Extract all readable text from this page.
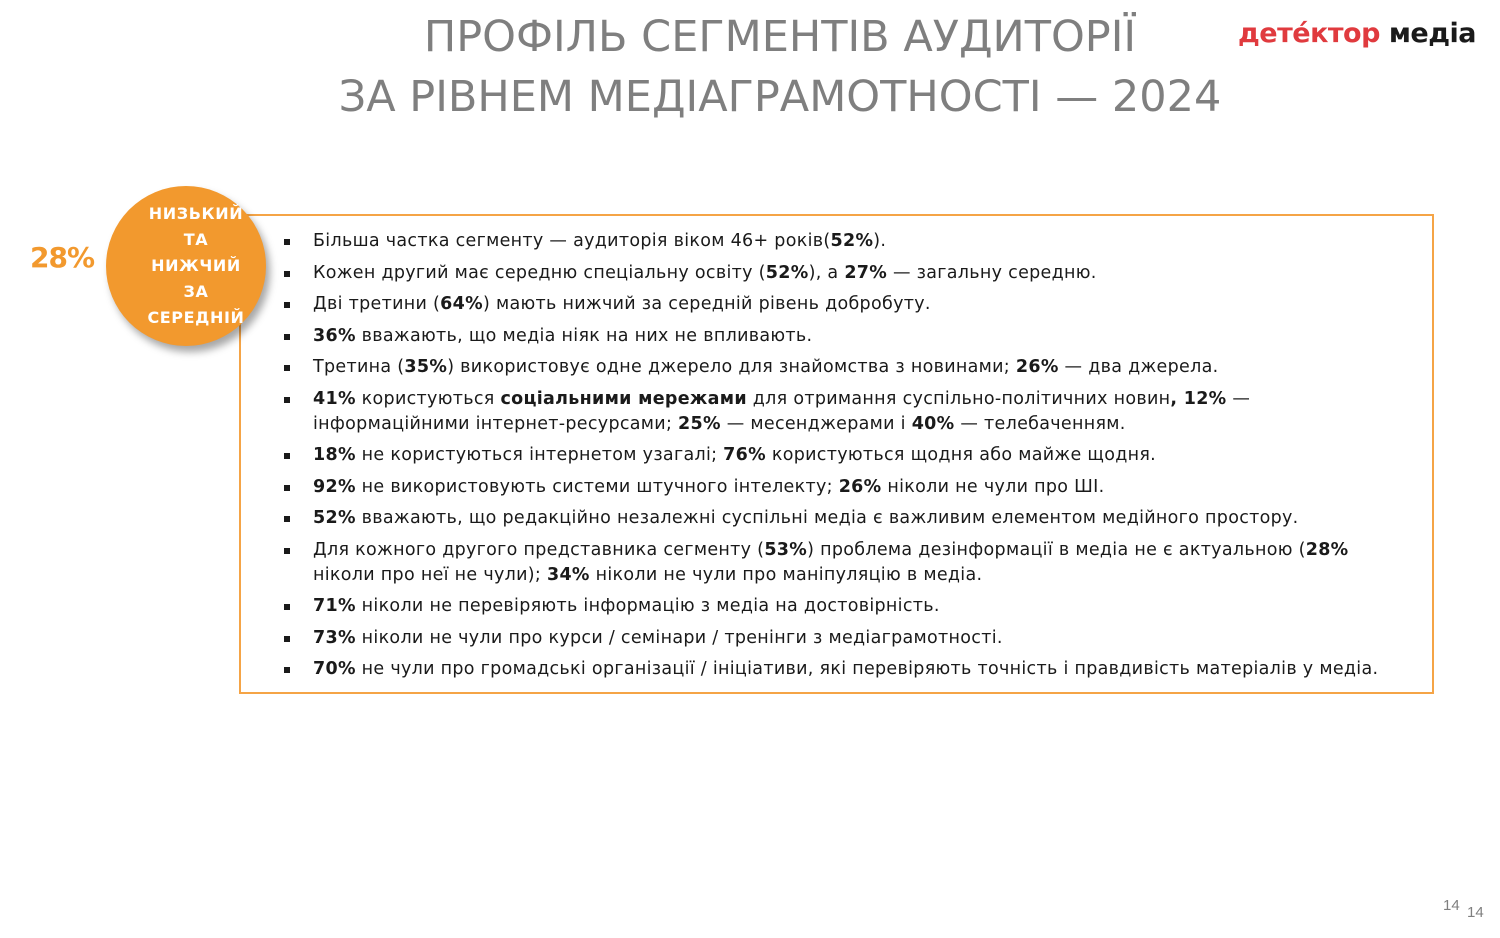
ПРОФІЛЬ СЕГМЕНТІВ АУДИТОРІЇ
ЗА РІВНЕМ МЕДІАГРАМОТНОСТІ — 2024
детéктор медіа
28%
НИЗЬКИЙ ТА
НИЖЧИЙ ЗА
СЕРЕДНІЙ
Більша частка сегменту — аудиторія віком 46+ років(52%).
Кожен другий має середню спеціальну освіту (52%), а 27% — загальну середню.
Дві третини (64%) мають нижчий за середній рівень добробуту.
36% вважають, що медіа ніяк на них не впливають.
Третина (35%) використовує одне джерело для знайомства з новинами; 26% — два джерела.
41% користуються соціальними мережами для отримання суспільно-політичних новин, 12% — інформаційними інтернет-ресурсами; 25% — месенджерами і 40% — телебаченням.
18% не користуються інтернетом узагалі; 76% користуються щодня або майже щодня.
92% не використовують системи штучного інтелекту; 26% ніколи не чули про ШІ.
52% вважають, що редакційно незалежні суспільні медіа є важливим елементом медійного простору.
Для кожного другого представника сегменту (53%) проблема дезінформації в медіа не є актуальною (28% ніколи про неї не чули); 34% ніколи не чули про маніпуляцію в медіа.
71% ніколи не перевіряють інформацію з медіа на достовірність.
73% ніколи не чули про курси / семінари / тренінги з медіаграмотності.
70% не чули про громадські організації / ініціативи, які перевіряють точність і правдивість матеріалів у медіа.
14 14
